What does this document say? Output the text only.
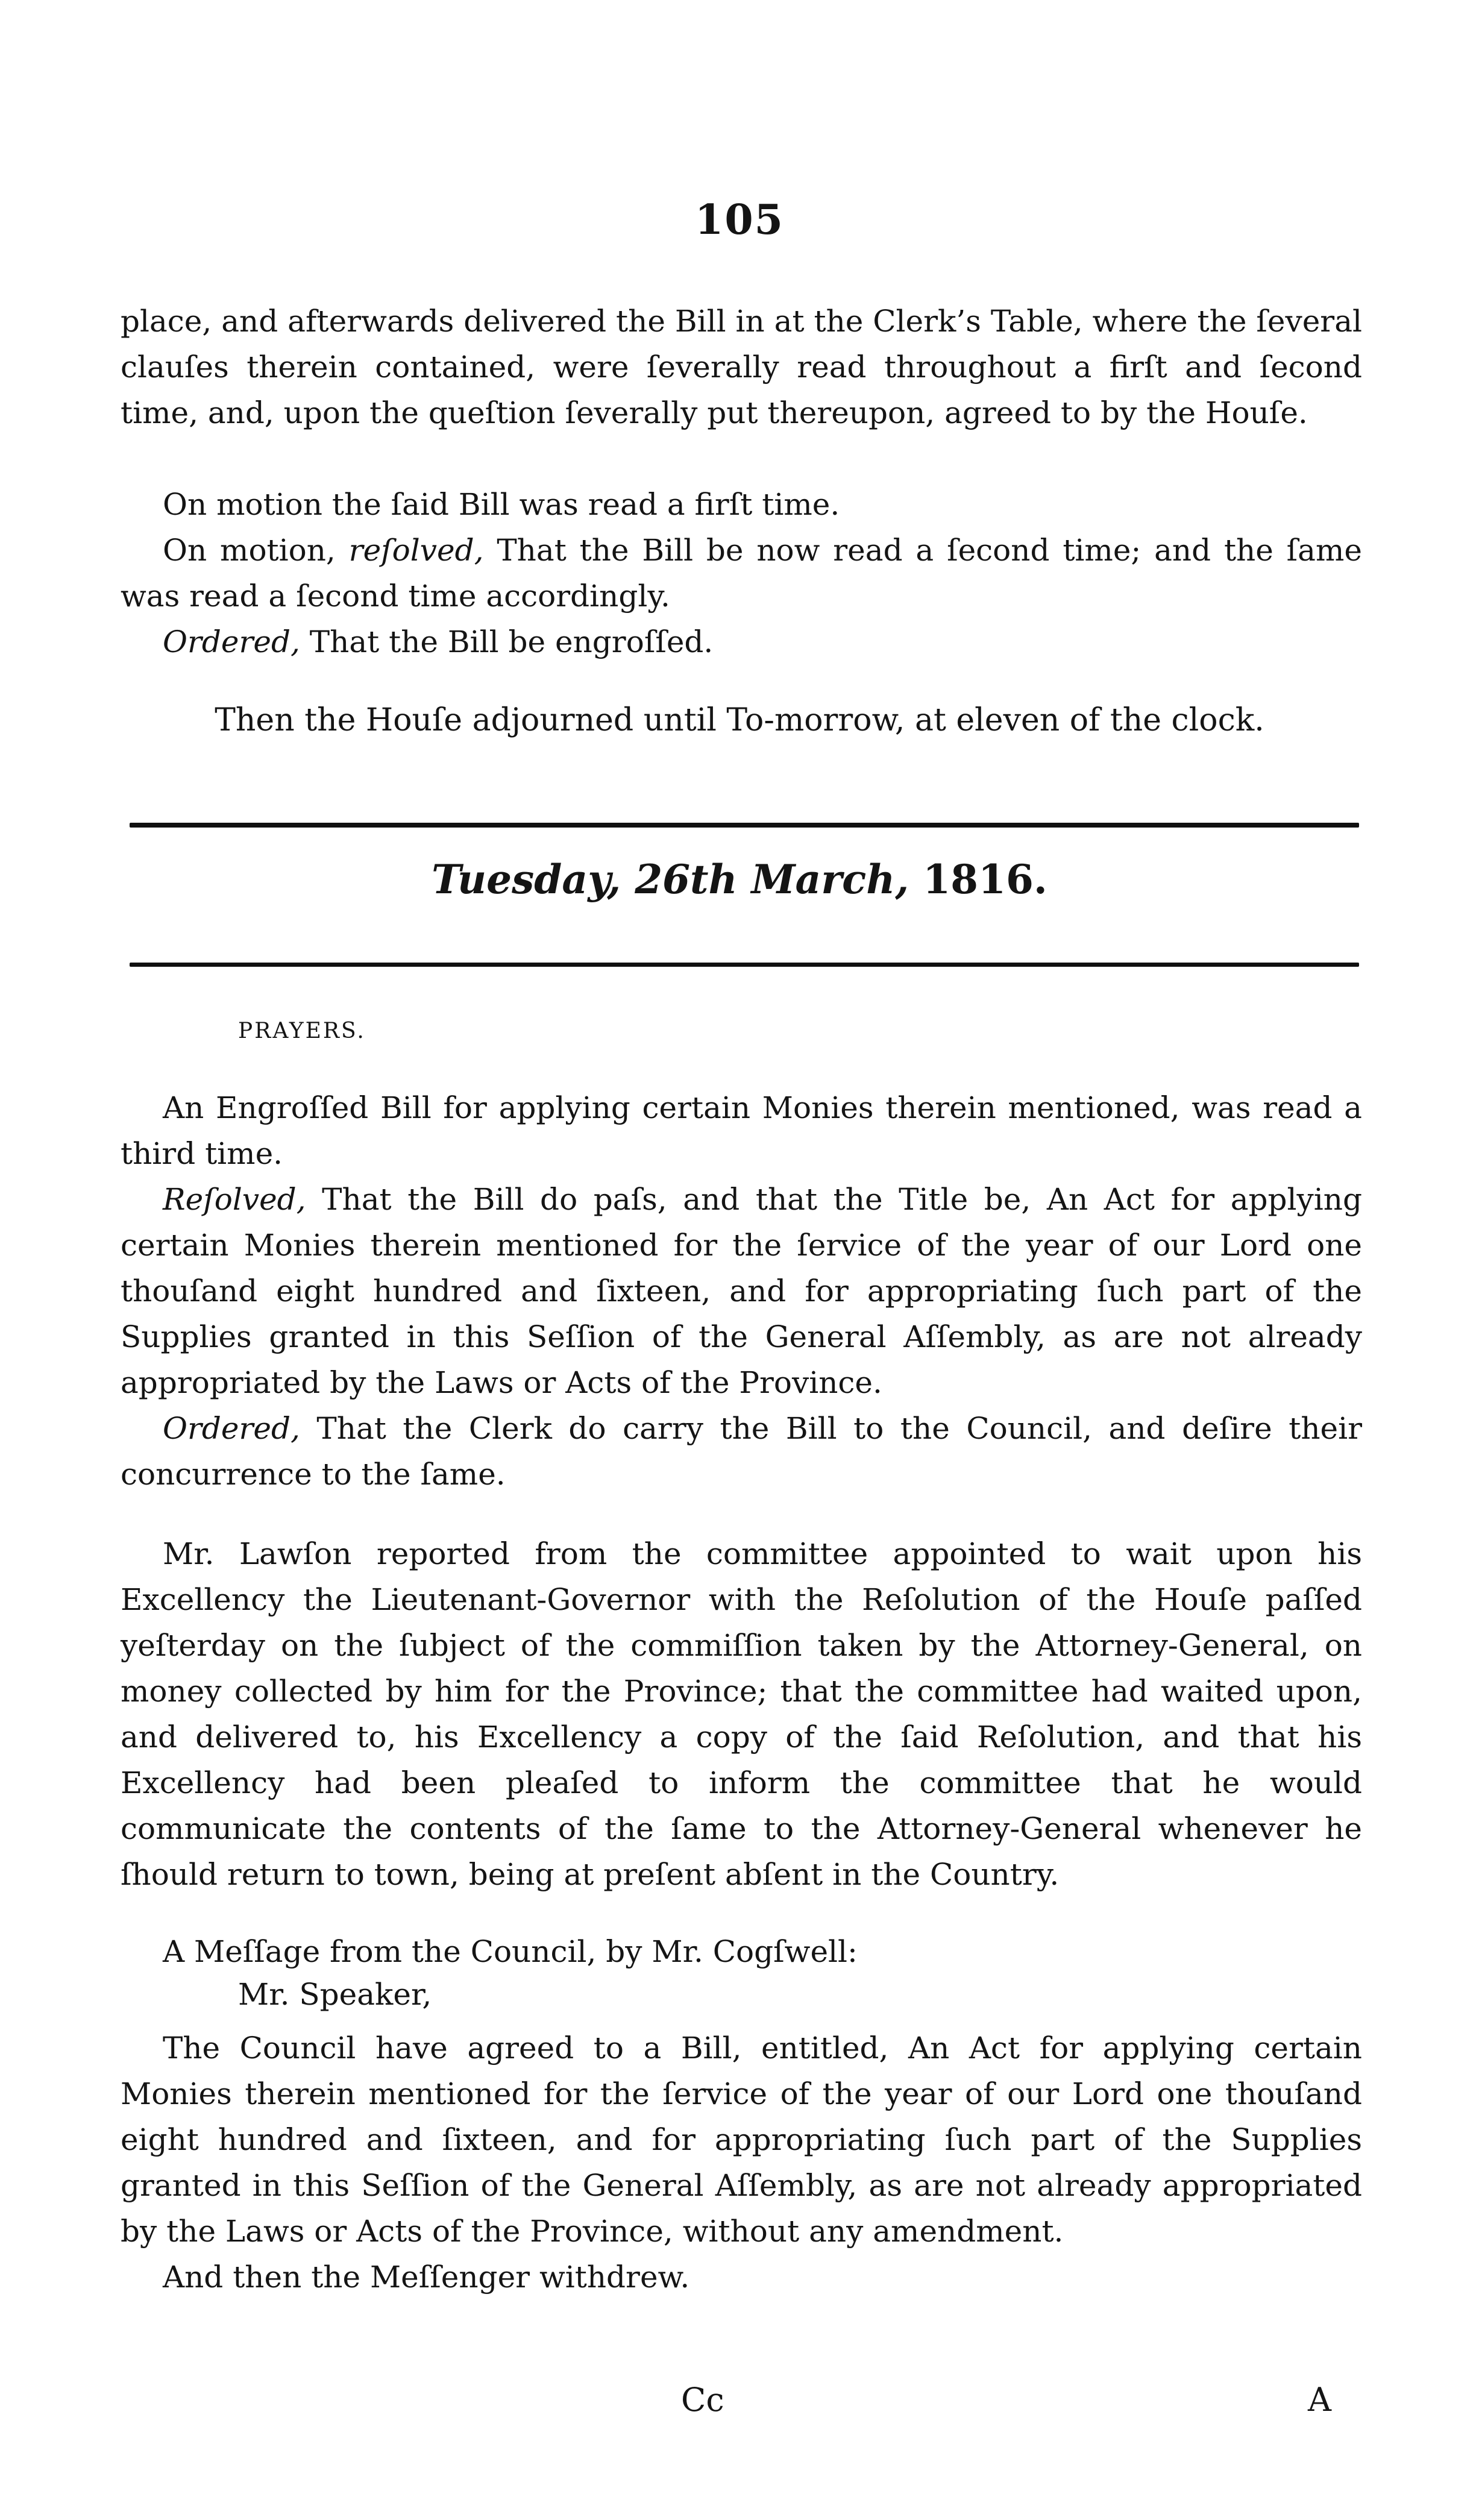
105

place, and afterwards delivered the Bill in at the Clerk’s Table, where the ſeveral clauſes therein contained, were ſeverally read throughout a firſt and ſecond time, and, upon the queſtion ſeverally put thereupon, agreed to by the Houſe.

On motion the ſaid Bill was read a firſt time.

On motion, reſolved, That the Bill be now read a ſecond time; and the ſame was read a ſecond time accordingly.

Ordered, That the Bill be engroſſed.

Then the Houſe adjourned until To-morrow, at eleven of the clock.

Tuesday, 26th March, 1816.

PRAYERS.

An Engroſſed Bill for applying certain Monies therein mentioned, was read a third time.

Reſolved, That the Bill do paſs, and that the Title be, An Act for applying certain Monies therein mentioned for the ſervice of the year of our Lord one thouſand eight hundred and ſixteen, and for appropriating ſuch part of the Supplies granted in this Seſſion of the General Aſſembly, as are not already appropriated by the Laws or Acts of the Province.

Ordered, That the Clerk do carry the Bill to the Council, and deſire their concurrence to the ſame.

Mr. Lawſon reported from the committee appointed to wait upon his Excellency the Lieutenant-Governor with the Reſolution of the Houſe paſſed yeſterday on the ſubject of the commiſſion taken by the Attorney-General, on money collected by him for the Province; that the committee had waited upon, and delivered to, his Excellency a copy of the ſaid Reſolution, and that his Excellency had been pleaſed to inform the committee that he would communicate the contents of the ſame to the Attorney-General whenever he ſhould return to town, being at preſent abſent in the Country.

A Meſſage from the Council, by Mr. Cogſwell:

Mr. Speaker,

The Council have agreed to a Bill, entitled, An Act for applying certain Monies therein mentioned for the ſervice of the year of our Lord one thouſand eight hundred and ſixteen, and for appropriating ſuch part of the Supplies granted in this Seſſion of the General Aſſembly, as are not already appropriated by the Laws or Acts of the Province, without any amendment.

And then the Meſſenger withdrew.

Cc	A
